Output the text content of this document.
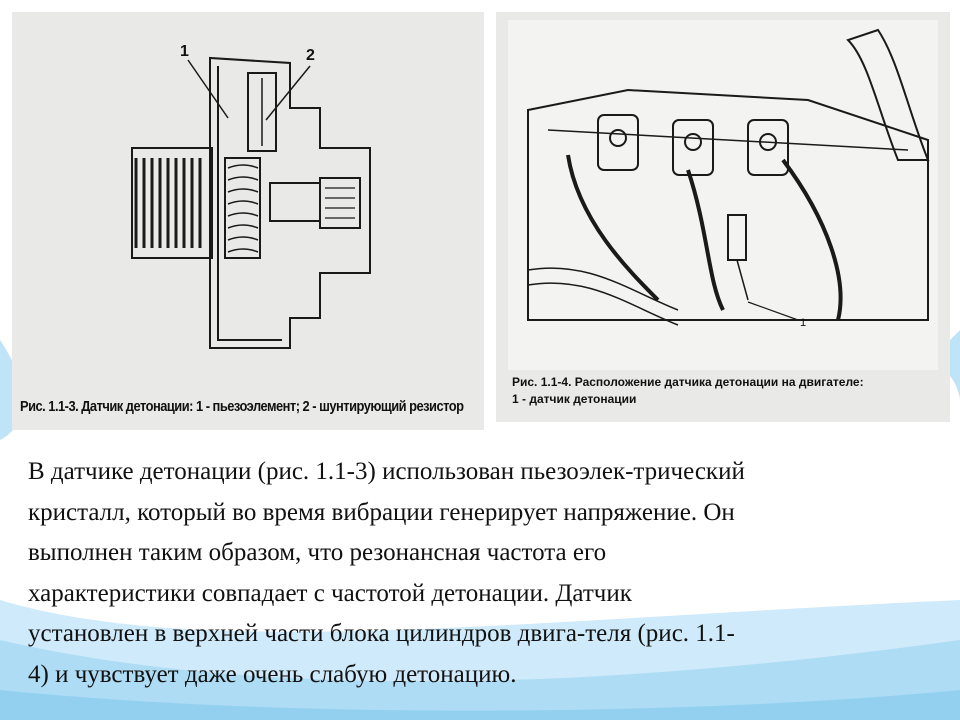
1	2
Рис. 1.1-3. Датчик детонации: 1 - пьезоэлемент; 2 - шунтирующий резистор
1
Рис. 1.1-4. Расположение датчика детонации на двигателе:
1 - датчик детонации

В датчике детонации (рис. 1.1-3) использован пьезоэлек-трический
кристалл, который во время вибрации генерирует напряжение. Он
выполнен таким образом, что резонансная частота его
характеристики совпадает с частотой детонации. Датчик
установлен в верхней части блока цилиндров двига-теля (рис. 1.1-
4) и чувствует даже очень слабую детонацию.
